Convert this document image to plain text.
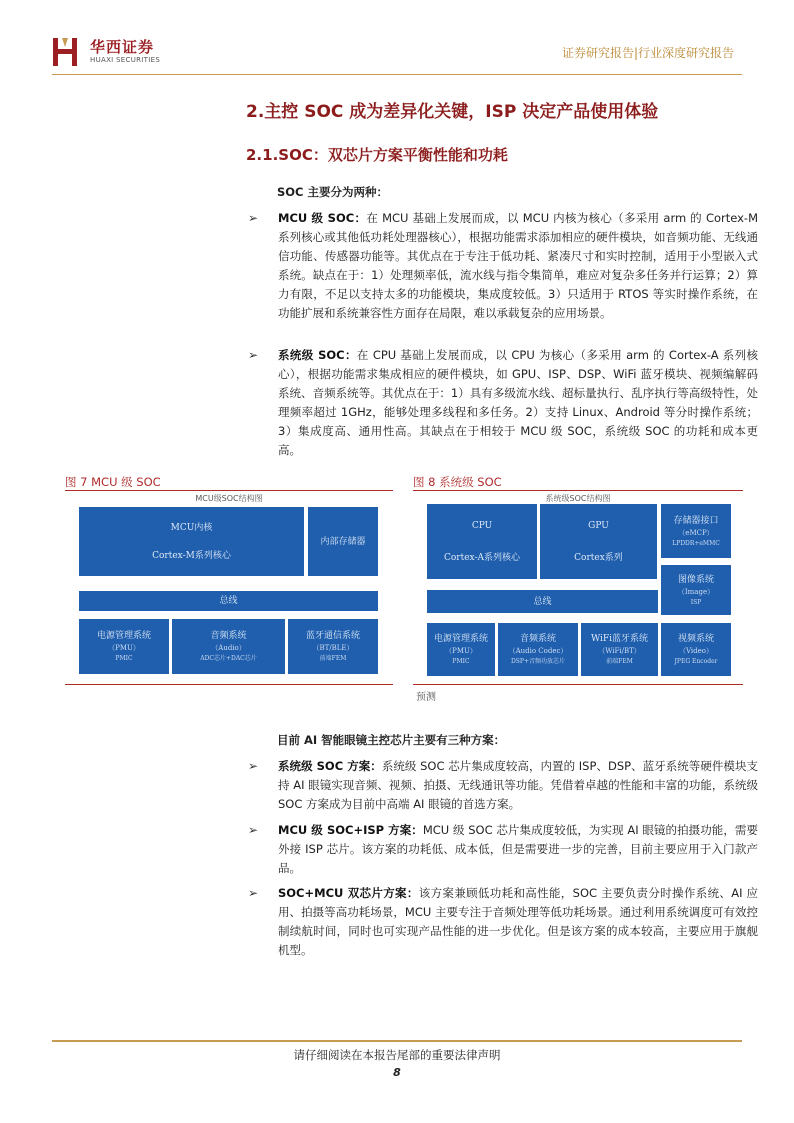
华西证券
HUAXI SECURITIES	证券研究报告|行业深度研究报告
2.主控 SOC 成为差异化关键，ISP 决定产品使用体验
2.1.SOC：双芯片方案平衡性能和功耗
SOC 主要分为两种：
➢	MCU 级 SOC：在 MCU 基础上发展而成，以 MCU 内核为核心（多采用 arm 的 Cortex-M 系列核心或其他低功耗处理器核心），根据功能需求添加相应的硬件模块，如音频功能、无线通信功能、传感器功能等。其优点在于专注于低功耗、紧凑尺寸和实时控制，适用于小型嵌入式系统。缺点在于：1）处理频率低，流水线与指令集简单，难应对复杂多任务并行运算；2）算力有限，不足以支持太多的功能模块，集成度较低。3）只适用于 RTOS 等实时操作系统，在功能扩展和系统兼容性方面存在局限，难以承载复杂的应用场景。
➢	系统级 SOC：在 CPU 基础上发展而成，以 CPU 为核心（多采用 arm 的 Cortex-A 系列核心），根据功能需求集成相应的硬件模块，如 GPU、ISP、DSP、WiFi 蓝牙模块、视频编解码系统、音频系统等。其优点在于：1）具有多级流水线、超标量执行、乱序执行等高级特性，处理频率超过 1GHz，能够处理多线程和多任务。2）支持 Linux、Android 等分时操作系统；3）集成度高、通用性高。其缺点在于相较于 MCU 级 SOC，系统级 SOC 的功耗和成本更高。
图 7 MCU 级 SOC
MCU级SOC结构图
MCU内核
Cortex-M系列核心
内部存储器
总线
电源管理系统
（PMU）
PMIC
音频系统
（Audio）
ADC芯片+DAC芯片
蓝牙通信系统
（BT/BLE）
前端FEM
图 8 系统级 SOC
系统级SOC结构图
CPU
Cortex-A系列核心
GPU
Cortex系列
存储器接口
（eMCP）
LPDDR+eMMC
总线
图像系统
（Image）
ISP
电源管理系统
（PMU）
PMIC
音频系统
（Audio Codec）
DSP+音频功放芯片
WiFi蓝牙系统
（WiFi/BT）
前端FEM
视频系统
（Video）
JPEG Encoder
预测
目前 AI 智能眼镜主控芯片主要有三种方案：
➢	系统级 SOC 方案：系统级 SOC 芯片集成度较高，内置的 ISP、DSP、蓝牙系统等硬件模块支持 AI 眼镜实现音频、视频、拍摄、无线通讯等功能。凭借着卓越的性能和丰富的功能，系统级 SOC 方案成为目前中高端 AI 眼镜的首选方案。
➢	MCU 级 SOC+ISP 方案：MCU 级 SOC 芯片集成度较低，为实现 AI 眼镜的拍摄功能，需要外接 ISP 芯片。该方案的功耗低、成本低，但是需要进一步的完善，目前主要应用于入门款产品。
➢	SOC+MCU 双芯片方案：该方案兼顾低功耗和高性能，SOC 主要负责分时操作系统、AI 应用、拍摄等高功耗场景，MCU 主要专注于音频处理等低功耗场景。通过利用系统调度可有效控制续航时间，同时也可实现产品性能的进一步优化。但是该方案的成本较高，主要应用于旗舰机型。
请仔细阅读在本报告尾部的重要法律声明
8
